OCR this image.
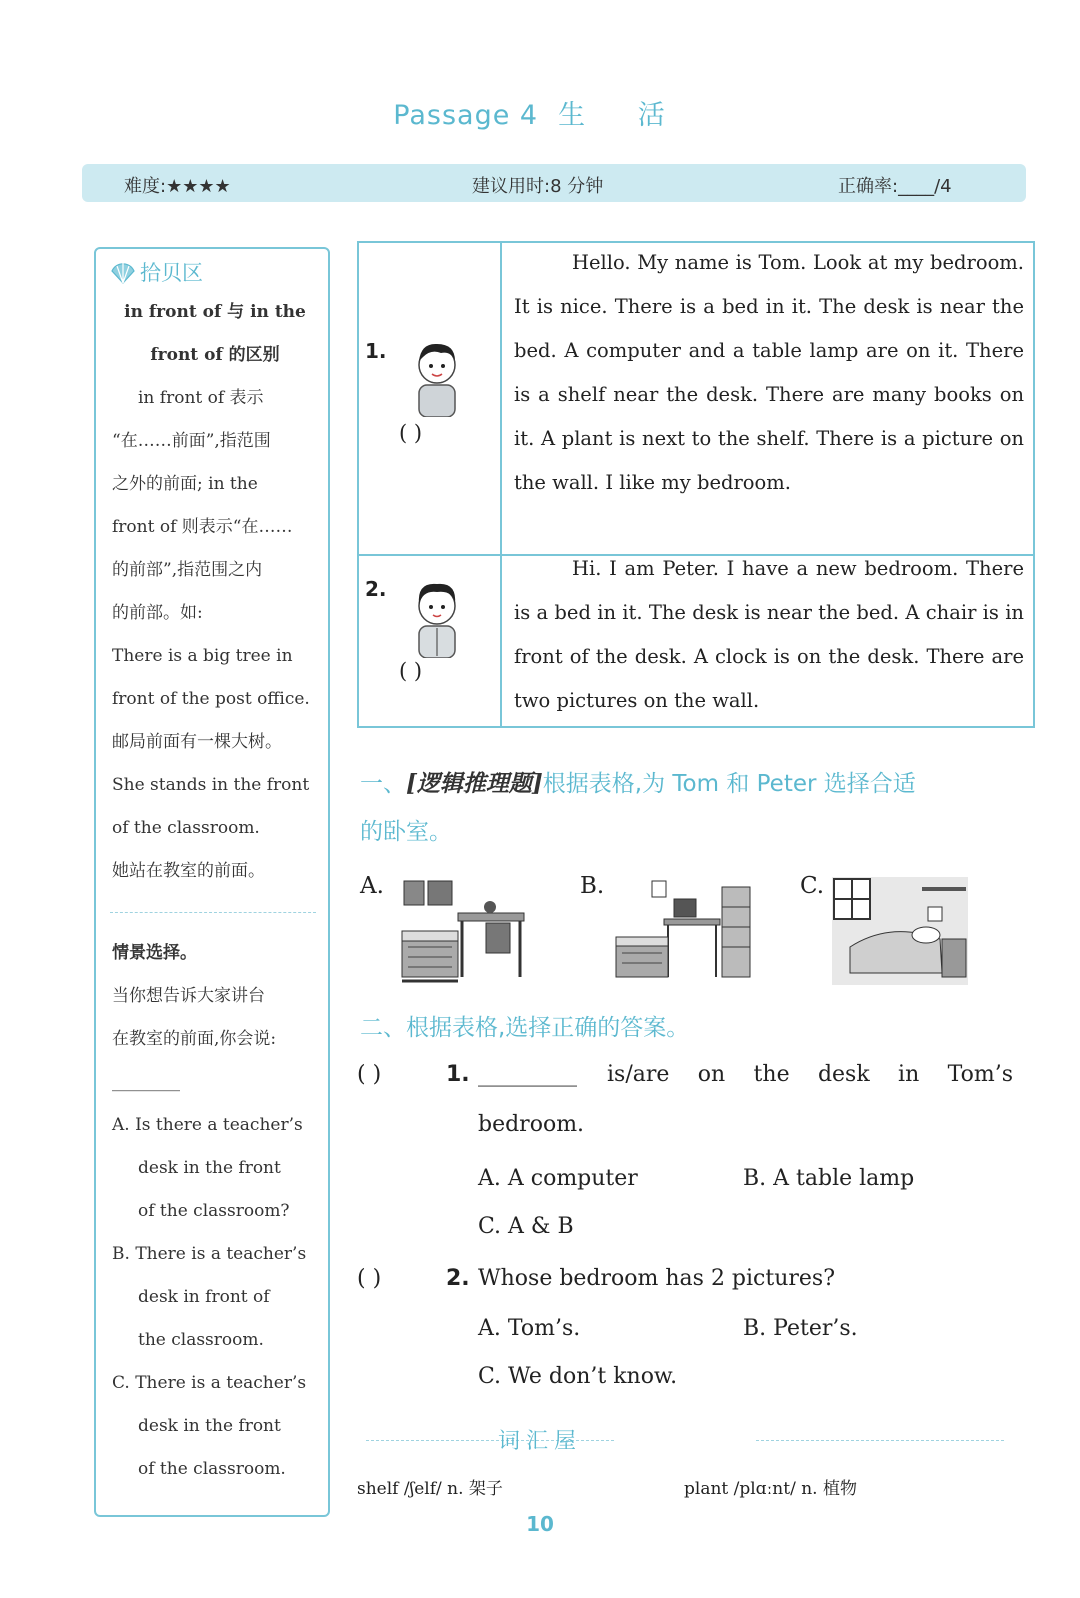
Passage 4 生 活
难度:★★★★	建议用时:8 分钟	正确率:____/4
拾贝区
in front of 与 in the
front of 的区别
in front of 表示
“在……前面”,指范围
之外的前面; in the
front of 则表示“在……
的前部”,指范围之内
的前部。如:
There is a big tree in
front of the post office.
邮局前面有一棵大树。
She stands in the front
of the classroom.
她站在教室的前面。
情景选择。
当你想告诉大家讲台
在教室的前面,你会说:
________
A. Is there a teacher’s
desk in the front
of the classroom?
B. There is a teacher’s
desk in front of
the classroom.
C. There is a teacher’s
desk in the front
of the classroom.
1.
( )
Hello. My name is Tom. Look at my bedroom. It is nice. There is a bed in it. The desk is near the bed. A computer and a table lamp are on it. There is a shelf near the desk. There are many books on it. A plant is next to the shelf. There is a picture on the wall. I like my bedroom.
2.
( )
Hi. I am Peter. I have a new bedroom. There is a bed in it. The desk is near the bed. A chair is in front of the desk. A clock is on the desk. There are two pictures on the wall.
一、[逻辑推理题]根据表格,为 Tom 和 Peter 选择合适
的卧室。
A.	B.	C.
二、根据表格,选择正确的答案。
( )	1. _________ is/are on the desk in Tom’s
bedroom.
A. A computer	B. A table lamp
C. A & B
( )	2. Whose bedroom has 2 pictures?
A. Tom’s.	B. Peter’s.
C. We don’t know.
词汇屋
shelf /ʃelf/ n. 架子	plant /plɑːnt/ n. 植物
10
